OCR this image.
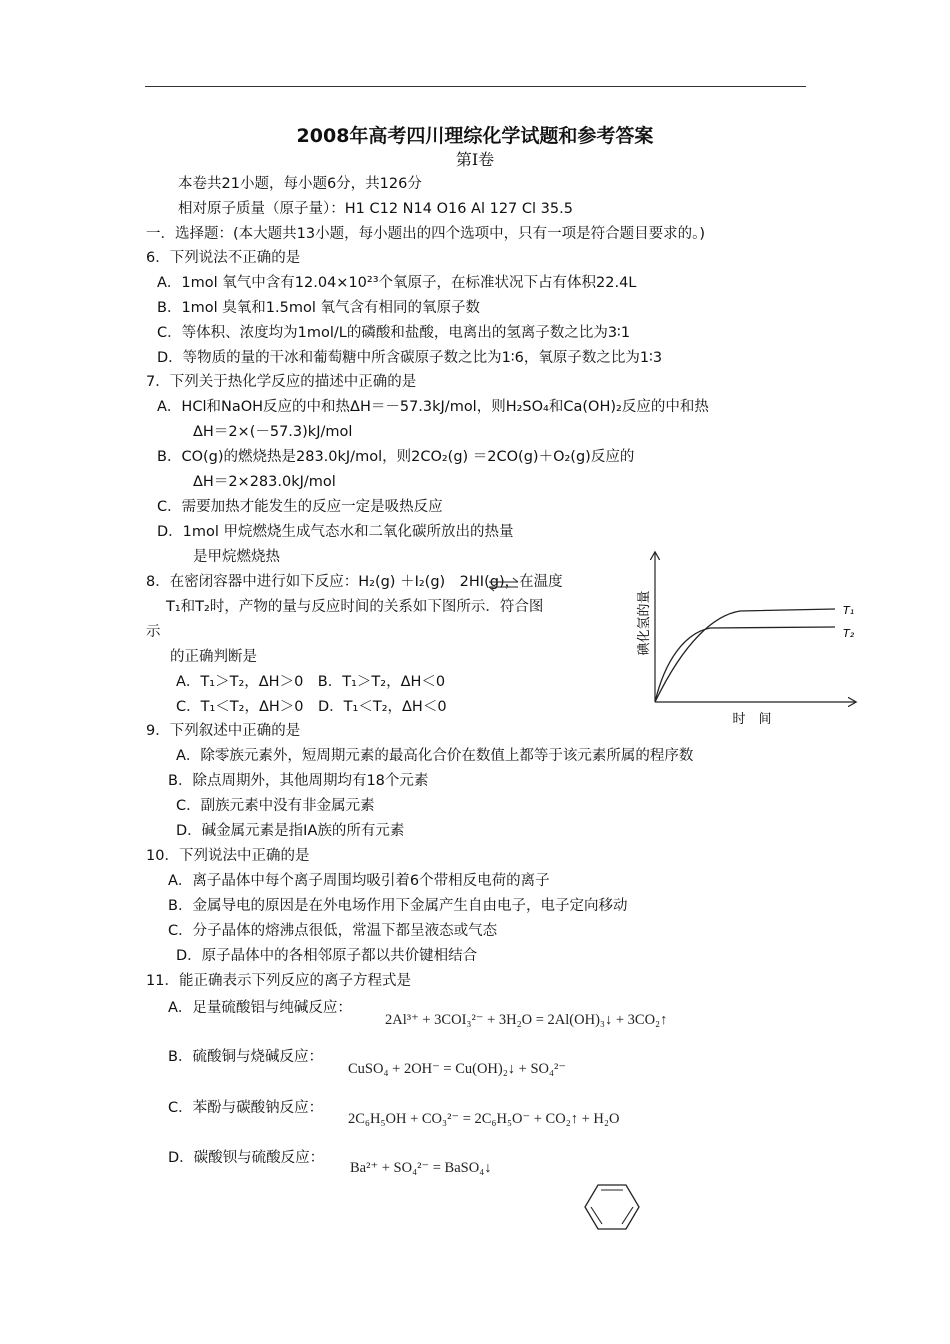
2008年高考四川理综化学试题和参考答案
第Ⅰ卷
本卷共21小题，每小题6分，共126分
相对原子质量（原子量）：H1 C12 N14 O16 Al 127 Cl 35.5
一．选择题：(本大题共13小题，每小题出的四个选项中，只有一项是符合题目要求的。)
6．下列说法不正确的是
A．1mol 氧气中含有12.04×10²³个氧原子，在标准状况下占有体积22.4L
B．1mol 臭氧和1.5mol 氧气含有相同的氧原子数
C．等体积、浓度均为1mol/L的磷酸和盐酸，电离出的氢离子数之比为3∶1
D．等物质的量的干冰和葡萄糖中所含碳原子数之比为1∶6，氧原子数之比为1∶3
7．下列关于热化学反应的描述中正确的是
A．HCl和NaOH反应的中和热ΔH＝－57.3kJ/mol，则H₂SO₄和Ca(OH)₂反应的中和热
ΔH＝2×(－57.3)kJ/mol
B．CO(g)的燃烧热是283.0kJ/mol，则2CO₂(g) ＝2CO(g)＋O₂(g)反应的
ΔH＝2×283.0kJ/mol
C．需要加热才能发生的反应一定是吸热反应
D．1mol 甲烷燃烧生成气态水和二氧化碳所放出的热量
是甲烷燃烧热
8．在密闭容器中进行如下反应：H₂(g) ＋I₂(g)　2HI(g)，在温度
T₁和T₂时，产物的量与反应时间的关系如下图所示．符合图
示
的正确判断是
A．T₁＞T₂，ΔH＞0　B．T₁＞T₂，ΔH＜0
C．T₁＜T₂，ΔH＞0　D．T₁＜T₂，ΔH＜0
碘化氢的量
时　间
T₁
T₂
9．下列叙述中正确的是
A．除零族元素外，短周期元素的最高化合价在数值上都等于该元素所属的程序数
B．除点周期外，其他周期均有18个元素
C．副族元素中没有非金属元素
D．碱金属元素是指ⅠA族的所有元素
10．下列说法中正确的是
A．离子晶体中每个离子周围均吸引着6个带相反电荷的离子
B．金属导电的原因是在外电场作用下金属产生自由电子，电子定向移动
C．分子晶体的熔沸点很低，常温下都呈液态或气态
D．原子晶体中的各相邻原子都以共价键相结合
11．能正确表示下列反应的离子方程式是
A．足量硫酸铝与纯碱反应：
2Al³⁺ + 3COI₃²⁻ + 3H₂O = 2Al(OH)₃↓ + 3CO₂↑
B．硫酸铜与烧碱反应：
CuSO₄ + 2OH⁻ = Cu(OH)₂↓ + SO₄²⁻
C．苯酚与碳酸钠反应：
2C₆H₅OH + CO₃²⁻ = 2C₆H₅O⁻ + CO₂↑ + H₂O
D．碳酸钡与硫酸反应：
Ba²⁺ + SO₄²⁻ = BaSO₄↓
